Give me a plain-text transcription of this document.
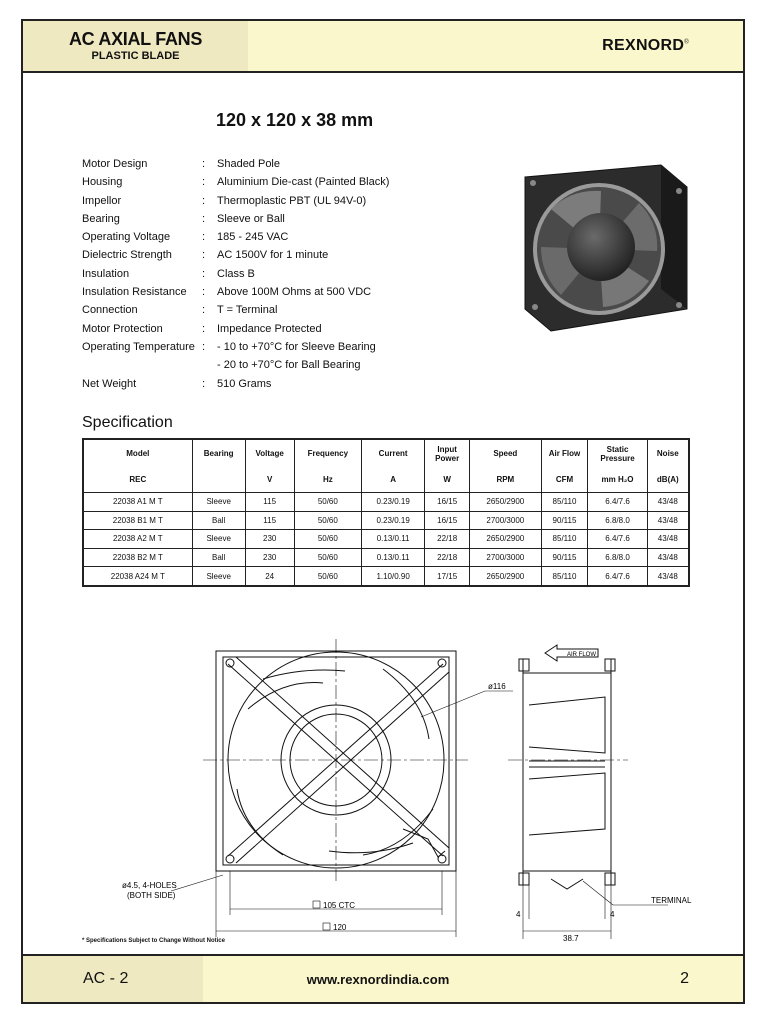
AC AXIAL FANS
PLASTIC BLADE
REXNORD®
120 x 120 x 38 mm
Motor Design	: Shaded Pole
Housing	: Aluminium Die-cast (Painted Black)
Impellor	: Thermoplastic PBT (UL 94V-0)
Bearing	: Sleeve or Ball
Operating Voltage	: 185 - 245 VAC
Dielectric Strength	: AC 1500V for 1 minute
Insulation	: Class B
Insulation Resistance	: Above 100M Ohms at 500 VDC
Connection	: T = Terminal
Motor Protection	: Impedance Protected
Operating Temperature : - 10 to +70°C for Sleeve Bearing
- 20 to +70°C for Ball Bearing
Net Weight	: 510 Grams
Specification
Model	Bearing	Voltage	Frequency	Current	Input Power	Speed	Air Flow	Static Pressure	Noise
REC		V	Hz	A	W	RPM	CFM	mm H₂O	dB(A)
22038 A1 M T	Sleeve	115	50/60	0.23/0.19	16/15	2650/2900	85/110	6.4/7.6	43/48
22038 B1 M T	Ball	115	50/60	0.23/0.19	16/15	2700/3000	90/115	6.8/8.0	43/48
22038 A2 M T	Sleeve	230	50/60	0.13/0.11	22/18	2650/2900	85/110	6.4/7.6	43/48
22038 B2 M T	Ball	230	50/60	0.13/0.11	22/18	2700/3000	90/115	6.8/8.0	43/48
22038 A24 M T	Sleeve	24	50/60	1.10/0.90	17/15	2650/2900	85/110	6.4/7.6	43/48
ø116
ø4.5, 4-HOLES
(BOTH SIDE)
105 CTC
120
AIR FLOW
TERMINAL
38.7
4	4
* Specifications Subject to Change Without Notice
AC - 2	www.rexnordindia.com	2
